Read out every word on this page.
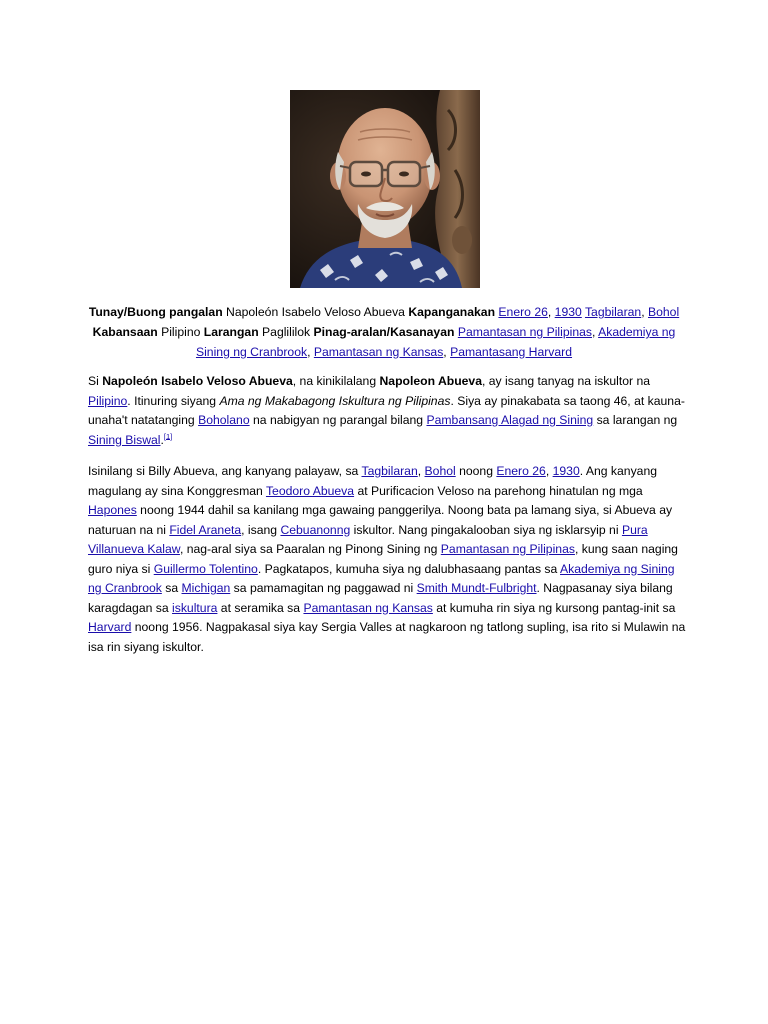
Tunay/Buong pangalan Napoleón Isabelo Veloso Abueva Kapanganakan Enero 26, 1930 Tagbilaran, Bohol Kabansaan Pilipino Larangan Paglililok Pinag-aralan/Kasanayan Pamantasan ng Pilipinas, Akademiya ng Sining ng Cranbrook, Pamantasan ng Kansas, Pamantasang Harvard

Si Napoleón Isabelo Veloso Abueva, na kinikilalang Napoleon Abueva, ay isang tanyag na iskultor na Pilipino. Itinuring siyang Ama ng Makabagong Iskultura ng Pilipinas. Siya ay pinakabata sa taong 46, at kauna-unaha't natatanging Boholano na nabigyan ng parangal bilang Pambansang Alagad ng Sining sa larangan ng Sining Biswal.[1]

Isinilang si Billy Abueva, ang kanyang palayaw, sa Tagbilaran, Bohol noong Enero 26, 1930. Ang kanyang magulang ay sina Konggresman Teodoro Abueva at Purificacion Veloso na parehong hinatulan ng mga Hapones noong 1944 dahil sa kanilang mga gawaing panggerilya. Noong bata pa lamang siya, si Abueva ay naturuan na ni Fidel Araneta, isang Cebuanonng iskultor. Nang pingakalooban siya ng isklarsyip ni Pura Villanueva Kalaw, nag-aral siya sa Paaralan ng Pinong Sining ng Pamantasan ng Pilipinas, kung saan naging guro niya si Guillermo Tolentino. Pagkatapos, kumuha siya ng dalubhasaang pantas sa Akademiya ng Sining ng Cranbrook sa Michigan sa pamamagitan ng paggawad ni Smith Mundt-Fulbright. Nagpasanay siya bilang karagdagan sa iskultura at seramika sa Pamantasan ng Kansas at kumuha rin siya ng kursong pantag-init sa Harvard noong 1956. Nagpakasal siya kay Sergia Valles at nagkaroon ng tatlong supling, isa rito si Mulawin na isa rin siyang iskultor.
